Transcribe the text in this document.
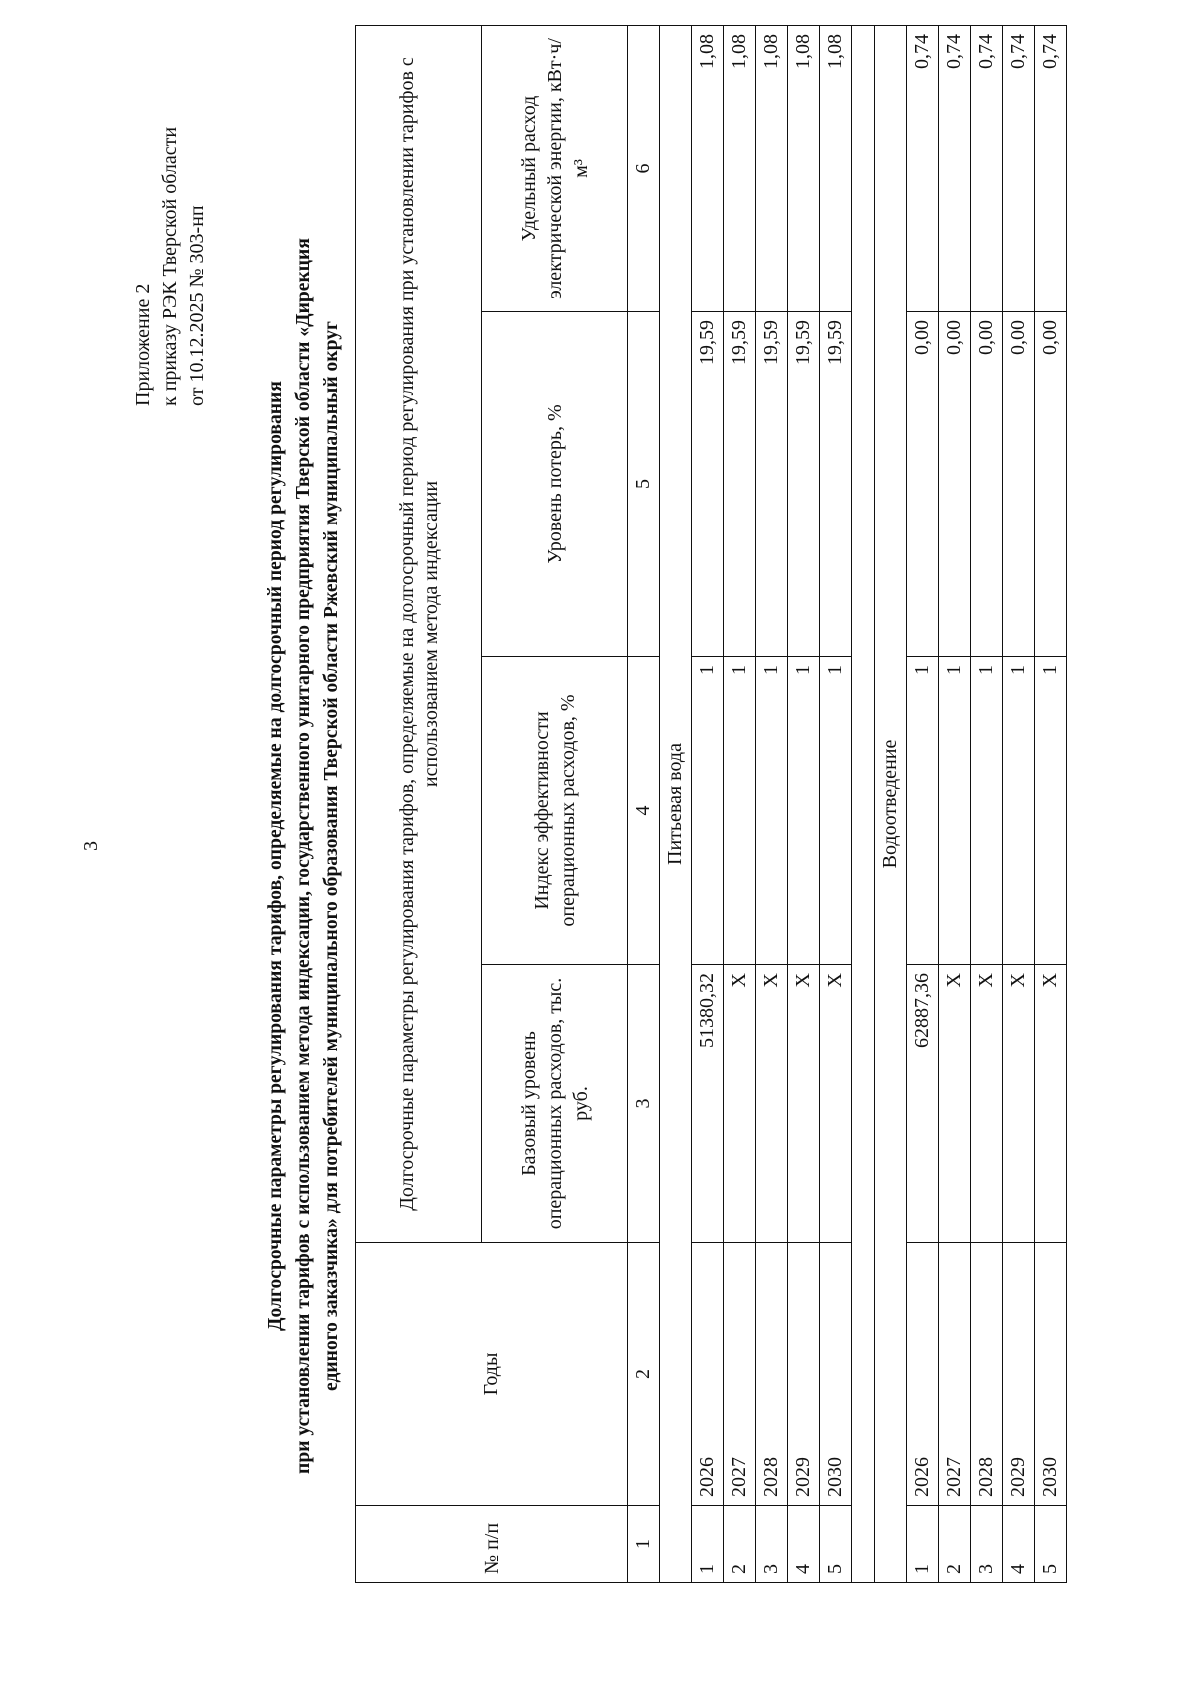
3
Приложение 2 к приказу РЭК Тверской области от 10.12.2025 № 303-нп
Долгосрочные параметры регулирования тарифов, определяемые на долгосрочный период регулирования при установлении тарифов с использованием метода индексации, государственного унитарного предприятия Тверской области «Дирекция единого заказчика» для потребителей муниципального образования Тверской области Ржевский муниципальный округ
№ п/п	Годы	Долгосрочные параметры регулирования тарифов, определяемые на долгосрочный период регулирования при установлении тарифов с использованием метода индексации			
		Базовый уровень операционных расходов, тыс. руб.	Индекс эффективности операционных расходов, %	Уровень потерь, %	Удельный расход электрической энергии, кВт·ч/м³
1	2	3	4	5	6
Питьевая вода					
1	2026	51380,32	1	19,59	1,08
2	2027	X	1	19,59	1,08
3	2028	X	1	19,59	1,08
4	2029	X	1	19,59	1,08
5	2030	X	1	19,59	1,08

Водоотведение					
1	2026	62887,36	1	0,00	0,74
2	2027	X	1	0,00	0,74
3	2028	X	1	0,00	0,74
4	2029	X	1	0,00	0,74
5	2030	X	1	0,00	0,74
